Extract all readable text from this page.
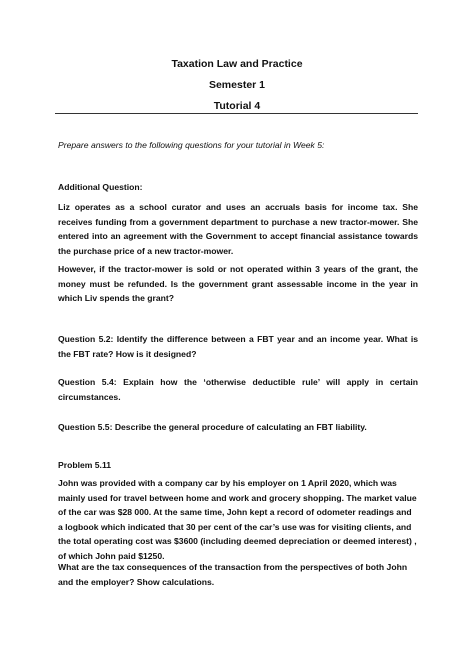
Taxation Law and Practice
Semester 1
Tutorial 4
Prepare answers to the following questions for your tutorial in Week 5:
Additional Question:
Liz operates as a school curator and uses an accruals basis for income tax. She receives funding from a government department to purchase a new tractor-mower. She entered into an agreement with the Government to accept financial assistance towards the purchase price of a new tractor-mower.
However, if the tractor-mower is sold or not operated within 3 years of the grant, the money must be refunded. Is the government grant assessable income in the year in which Liv spends the grant?
Question 5.2: Identify the difference between a FBT year and an income year. What is the FBT rate? How is it designed?
Question 5.4: Explain how the ‘otherwise deductible rule’ will apply in certain circumstances.
Question 5.5: Describe the general procedure of calculating an FBT liability.
Problem 5.11
John was provided with a company car by his employer on 1 April 2020, which was mainly used for travel between home and work and grocery shopping. The market value of the car was $28 000. At the same time, John kept a record of odometer readings and a logbook which indicated that 30 per cent of the car’s use was for visiting clients, and the total operating cost was $3600 (including deemed depreciation or deemed interest) , of which John paid $1250.
What are the tax consequences of the transaction from the perspectives of both John and the employer? Show calculations.
